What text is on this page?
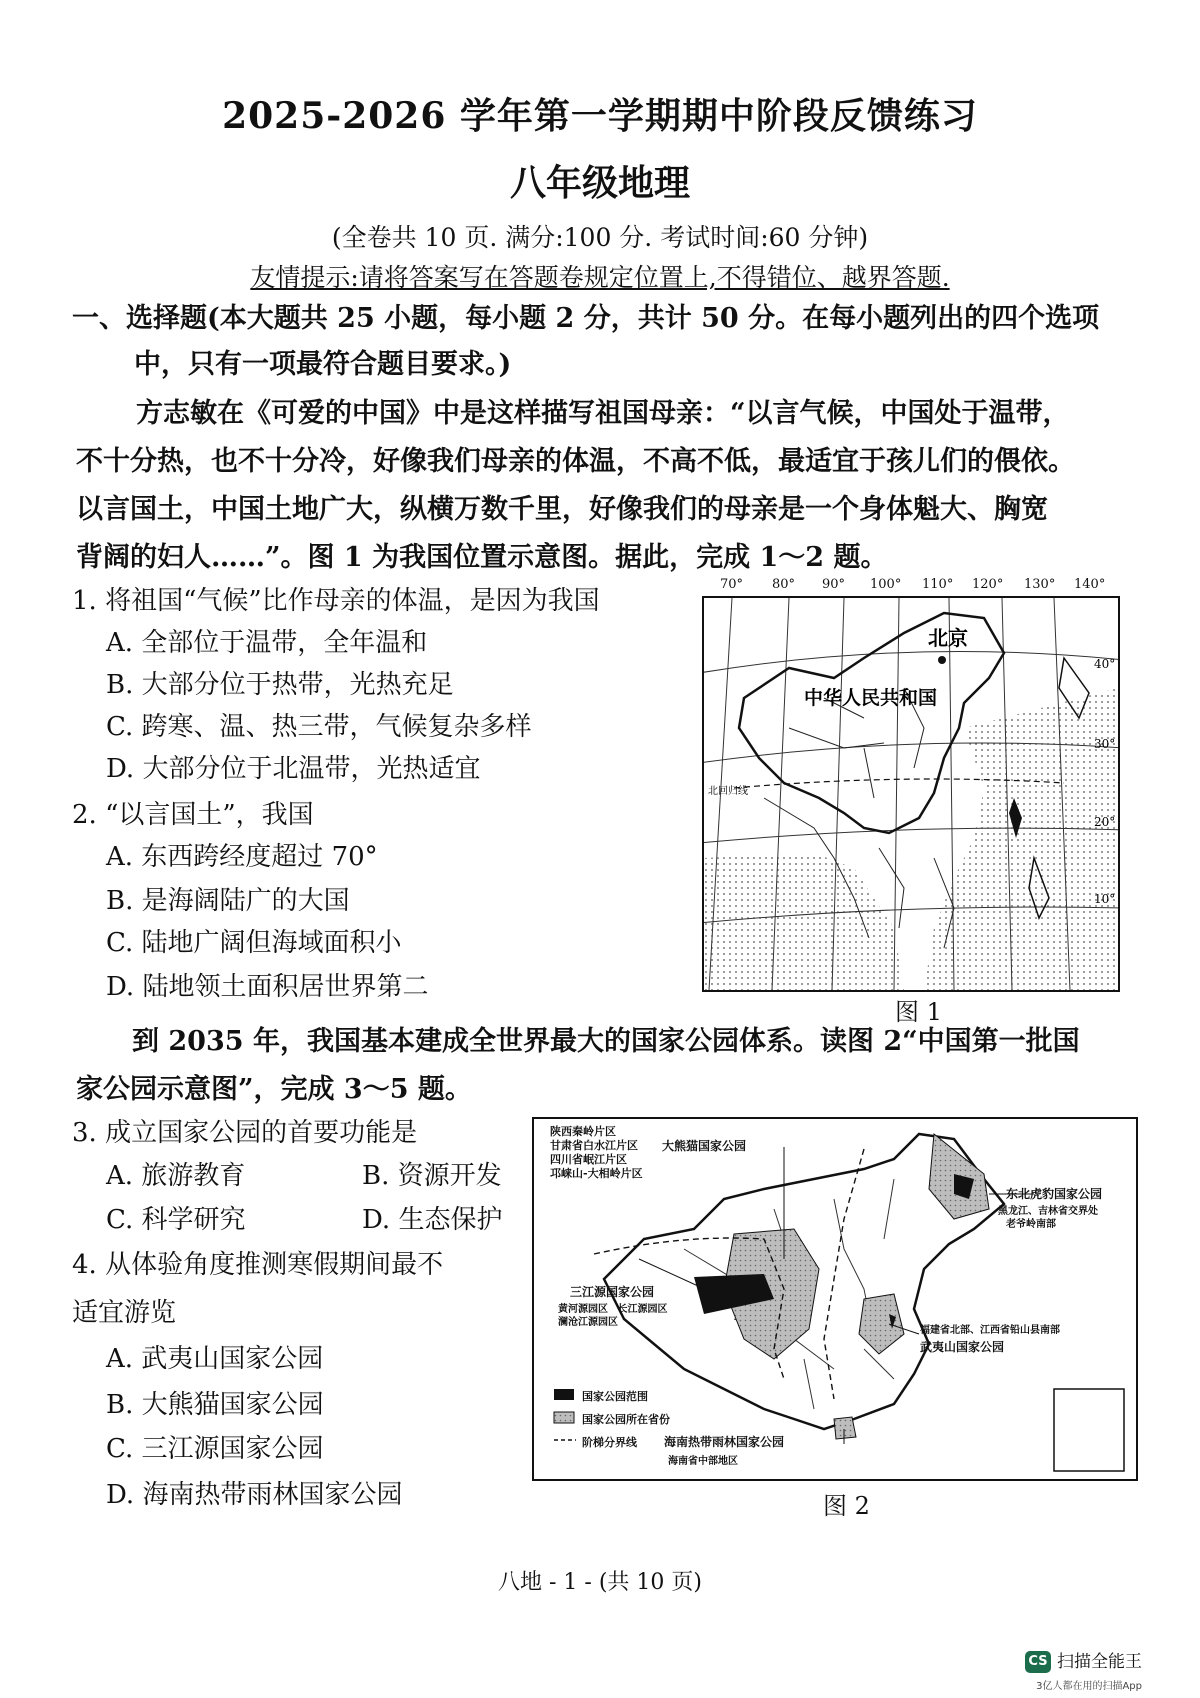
2025-2026 学年第一学期期中阶段反馈练习
八年级地理
(全卷共 10 页. 满分:100 分. 考试时间:60 分钟)
友情提示:请将答案写在答题卷规定位置上,不得错位、越界答题.
一、选择题(本大题共 25 小题，每小题 2 分，共计 50 分。在每小题列出的四个选项
中，只有一项最符合题目要求。)
方志敏在《可爱的中国》中是这样描写祖国母亲：“以言气候，中国处于温带，
不十分热，也不十分冷，好像我们母亲的体温，不高不低，最适宜于孩儿们的偎依。
以言国土，中国土地广大，纵横万数千里，好像我们的母亲是一个身体魁大、胸宽
背阔的妇人……”。图 1 为我国位置示意图。据此，完成 1～2 题。
1. 将祖国“气候”比作母亲的体温，是因为我国
A. 全部位于温带，全年温和
B. 大部分位于热带，光热充足
C. 跨寒、温、热三带，气候复杂多样
D. 大部分位于北温带，光热适宜
2. “以言国土”，我国
A. 东西跨经度超过 70°
B. 是海阔陆广的大国
C. 陆地广阔但海域面积小
D. 陆地领土面积居世界第二
北京
中华人民共和国
北回归线
40°
30°
20°
10°
70° 80° 90° 100° 110° 120° 130° 140°
图 1
到 2035 年，我国基本建成全世界最大的国家公园体系。读图 2“中国第一批国
家公园示意图”，完成 3～5 题。
3. 成立国家公园的首要功能是
A. 旅游教育	B. 资源开发
C. 科学研究	D. 生态保护
4. 从体验角度推测寒假期间最不
适宜游览
A. 武夷山国家公园
B. 大熊猫国家公园
C. 三江源国家公园
D. 海南热带雨林国家公园
陕西秦岭片区
甘肃省白水江片区
四川省岷江片区
邛崃山-大相岭片区
大熊猫国家公园
东北虎豹国家公园
黑龙江、吉林省交界处
老爷岭南部
三江源国家公园
黄河源园区 长江源园区
澜沧江源园区
福建省北部、江西省铅山县南部
武夷山国家公园
海南热带雨林国家公园
海南省中部地区
国家公园范围
国家公园所在省份
阶梯分界线
图 2
八地 - 1 - (共 10 页)
CS 扫描全能王
3亿人都在用的扫描App
